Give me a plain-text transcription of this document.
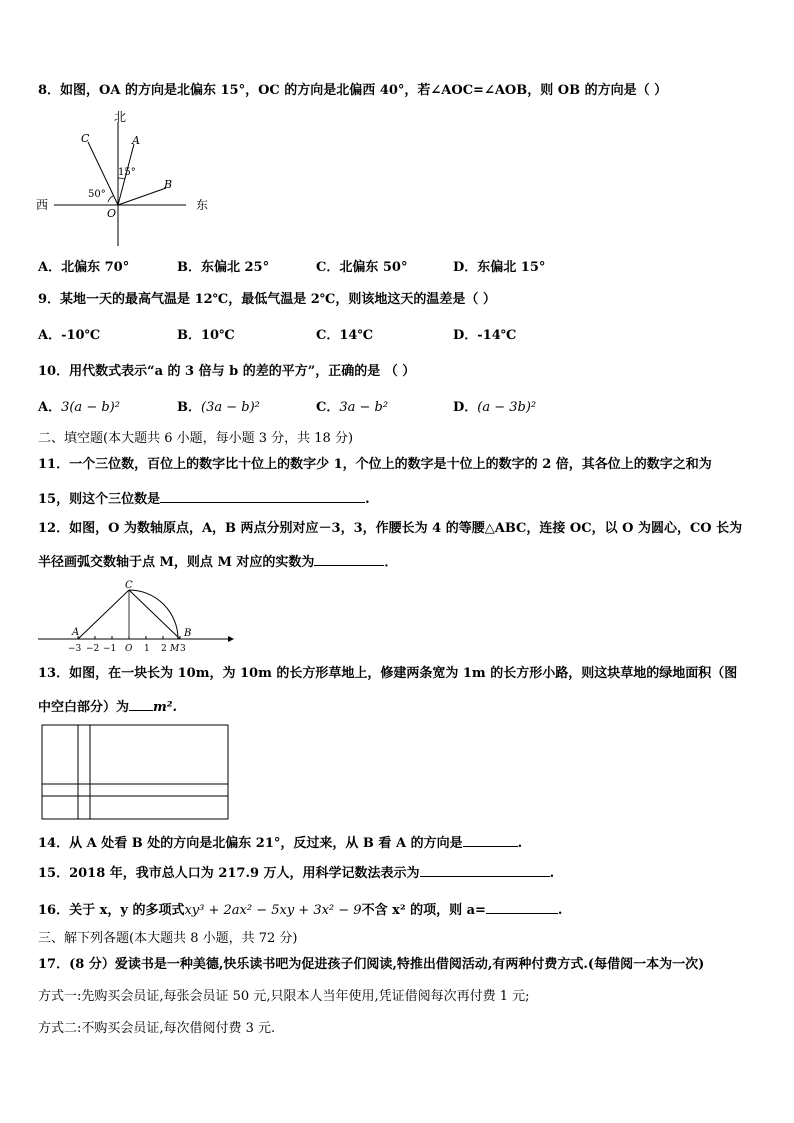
8．如图，OA 的方向是北偏东 15°，OC 的方向是北偏西 40°，若∠AOC=∠AOB，则 OB 的方向是（ ）
北
西	东
C	A
B
O
15°
50°
A．北偏东 70°	B．东偏北 25°	C．北偏东 50°	D．东偏北 15°
9．某地一天的最高气温是 12℃，最低气温是 2℃，则该地这天的温差是（ ）
A．-10℃	B．10℃	C．14℃	D．-14℃
10．用代数式表示“a 的 3 倍与 b 的差的平方”，正确的是 （ ）
A．3(a − b)²	B．(3a − b)²	C．3a − b²	D．(a − 3b)²
二、填空题(本大题共 6 小题，每小题 3 分，共 18 分)
11．一个三位数，百位上的数字比十位上的数字少 1，个位上的数字是十位上的数字的 2 倍，其各位上的数字之和为
15，则这个三位数是	.
12．如图，O 为数轴原点，A，B 两点分别对应－3，3，作腰长为 4 的等腰△ABC，连接 OC，以 O 为圆心，CO 长为
半径画弧交数轴于点 M，则点 M 对应的实数为	．
C
A	B
−3 −2 −1 O 1 2 M 3
13．如图，在一块长为 10m，为 10m 的长方形草地上，修建两条宽为 1m 的长方形小路，则这块草地的绿地面积（图
中空白部分）为 m².
14．从 A 处看 B 处的方向是北偏东 21°，反过来，从 B 看 A 的方向是	.
15．2018 年，我市总人口为 217.9 万人，用科学记数法表示为	.
16．关于 x，y 的多项式xy³ + 2ax² − 5xy + 3x² − 9不含 x² 的项，则 a=	.
三、解下列各题(本大题共 8 小题，共 72 分)
17．(8 分）爱读书是一种美德,快乐读书吧为促进孩子们阅读,特推出借阅活动,有两种付费方式.(每借阅一本为一次)
方式一:先购买会员证,每张会员证 50 元,只限本人当年使用,凭证借阅每次再付费 1 元;
方式二:不购买会员证,每次借阅付费 3 元.
